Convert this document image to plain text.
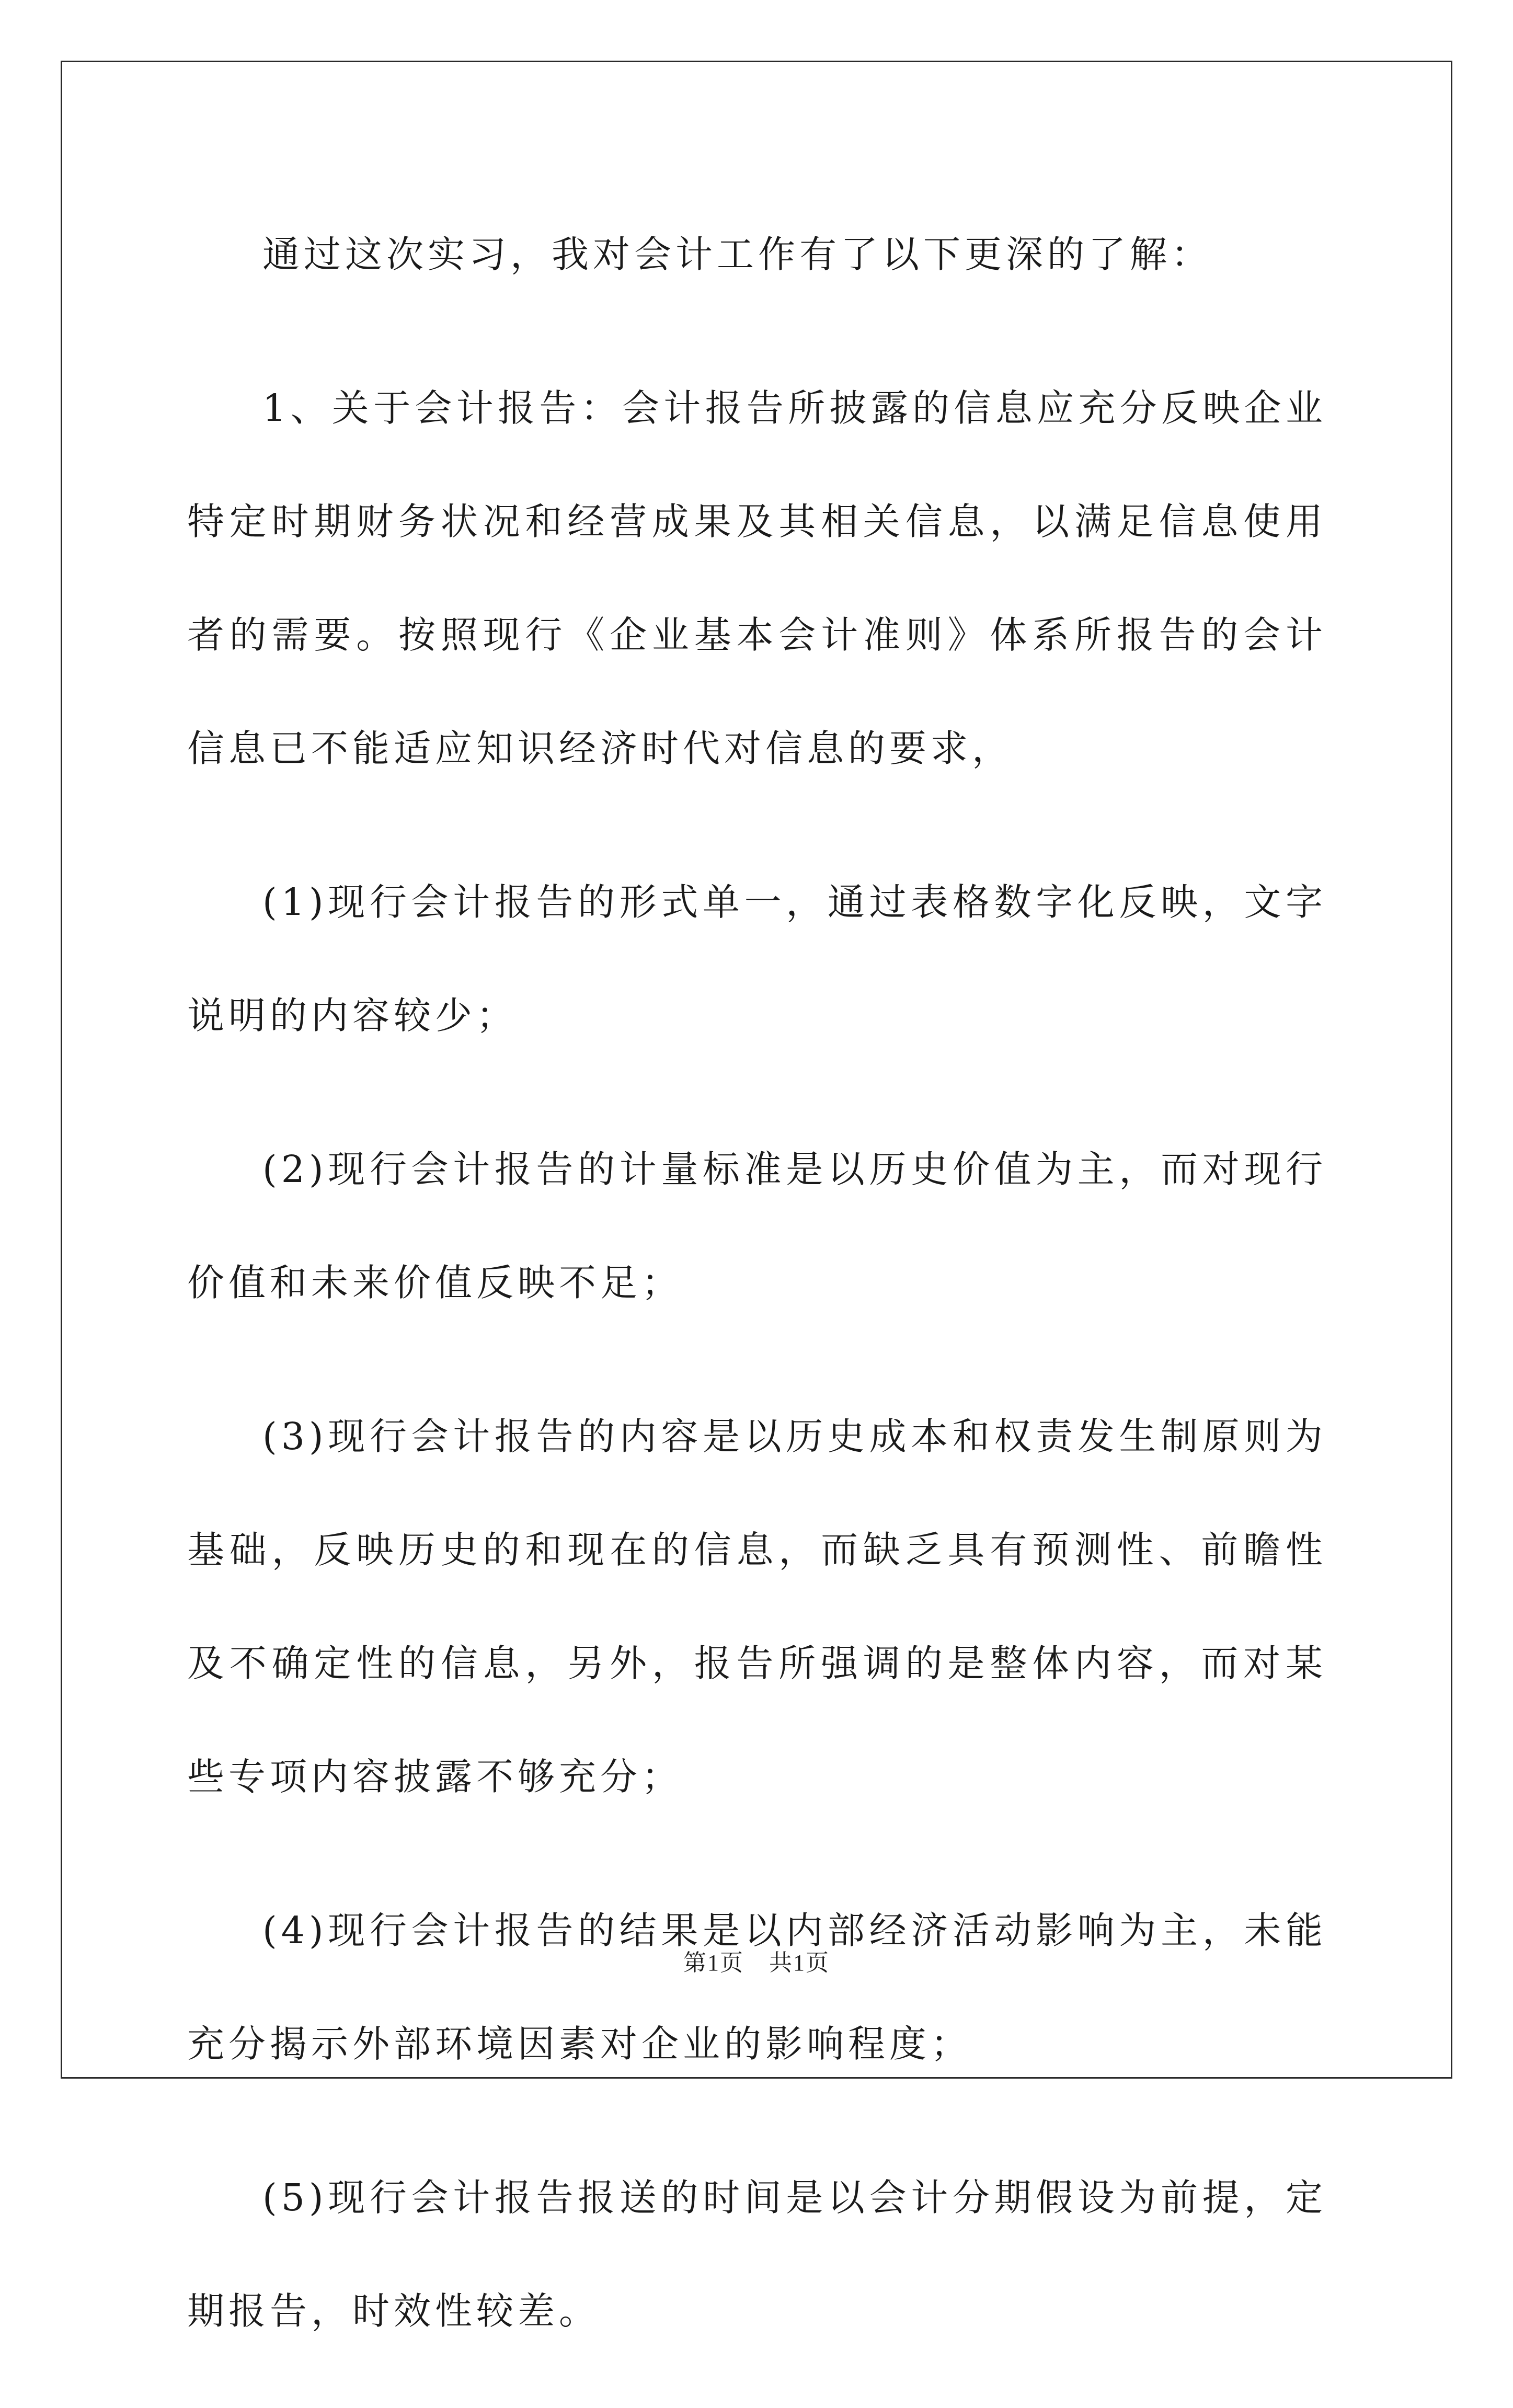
通过这次实习，我对会计工作有了以下更深的了解：

1、关于会计报告：会计报告所披露的信息应充分反映企业特定时期财务状况和经营成果及其相关信息，以满足信息使用者的需要。按照现行《企业基本会计准则》体系所报告的会计信息已不能适应知识经济时代对信息的要求，

(1)现行会计报告的形式单一，通过表格数字化反映，文字说明的内容较少；

(2)现行会计报告的计量标准是以历史价值为主，而对现行价值和未来价值反映不足；

(3)现行会计报告的内容是以历史成本和权责发生制原则为基础，反映历史的和现在的信息，而缺乏具有预测性、前瞻性及不确定性的信息，另外，报告所强调的是整体内容，而对某些专项内容披露不够充分；

(4)现行会计报告的结果是以内部经济活动影响为主，未能充分揭示外部环境因素对企业的影响程度；

(5)现行会计报告报送的时间是以会计分期假设为前提，定期报告，时效性较差。

第1页 共1页
